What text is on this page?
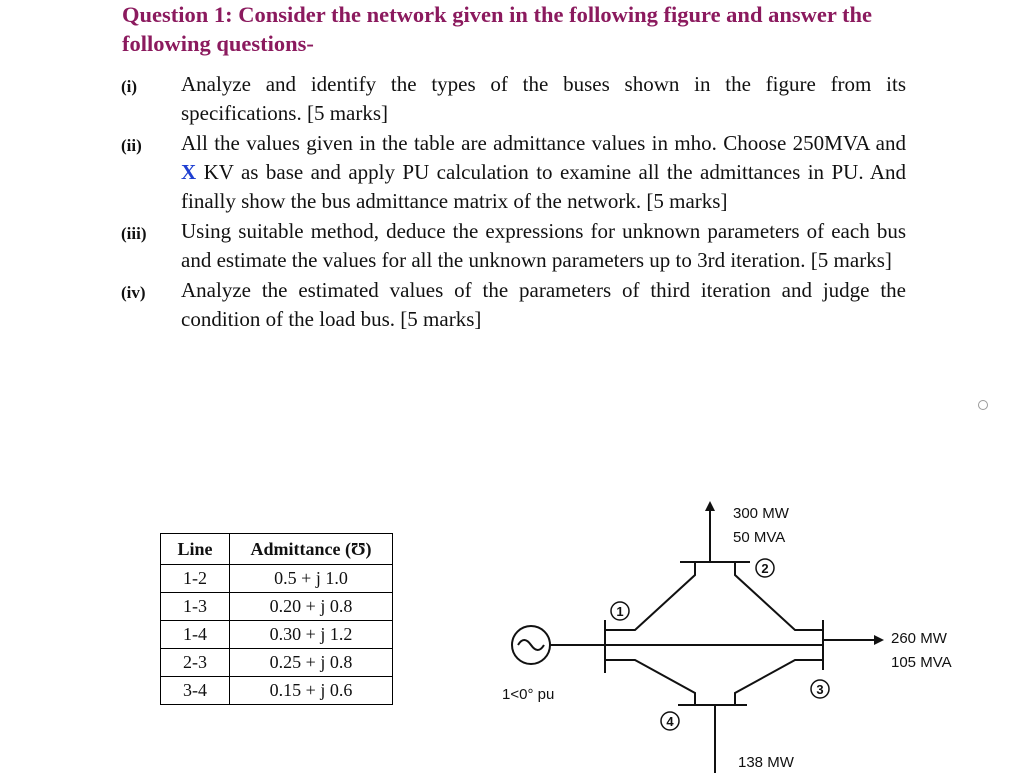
Question 1: Consider the network given in the following figure and answer the following questions-
(i) Analyze and identify the types of the buses shown in the figure from its specifications. [5 marks]
(ii) All the values given in the table are admittance values in mho. Choose 250MVA and X KV as base and apply PU calculation to examine all the admittances in PU. And finally show the bus admittance matrix of the network. [5 marks]
(iii) Using suitable method, deduce the expressions for unknown parameters of each bus and estimate the values for all the unknown parameters up to 3rd iteration. [5 marks]
(iv) Analyze the estimated values of the parameters of third iteration and judge the condition of the load bus. [5 marks]
Line	Admittance (Ʊ)
1-2	0.5 + j 1.0
1-3	0.20 + j 0.8
1-4	0.30 + j 1.2
2-3	0.25 + j 0.8
3-4	0.15 + j 0.6
1
2
3
4
300 MW
50 MVA
260 MW
105 MVA
138 MW
1<0° pu
